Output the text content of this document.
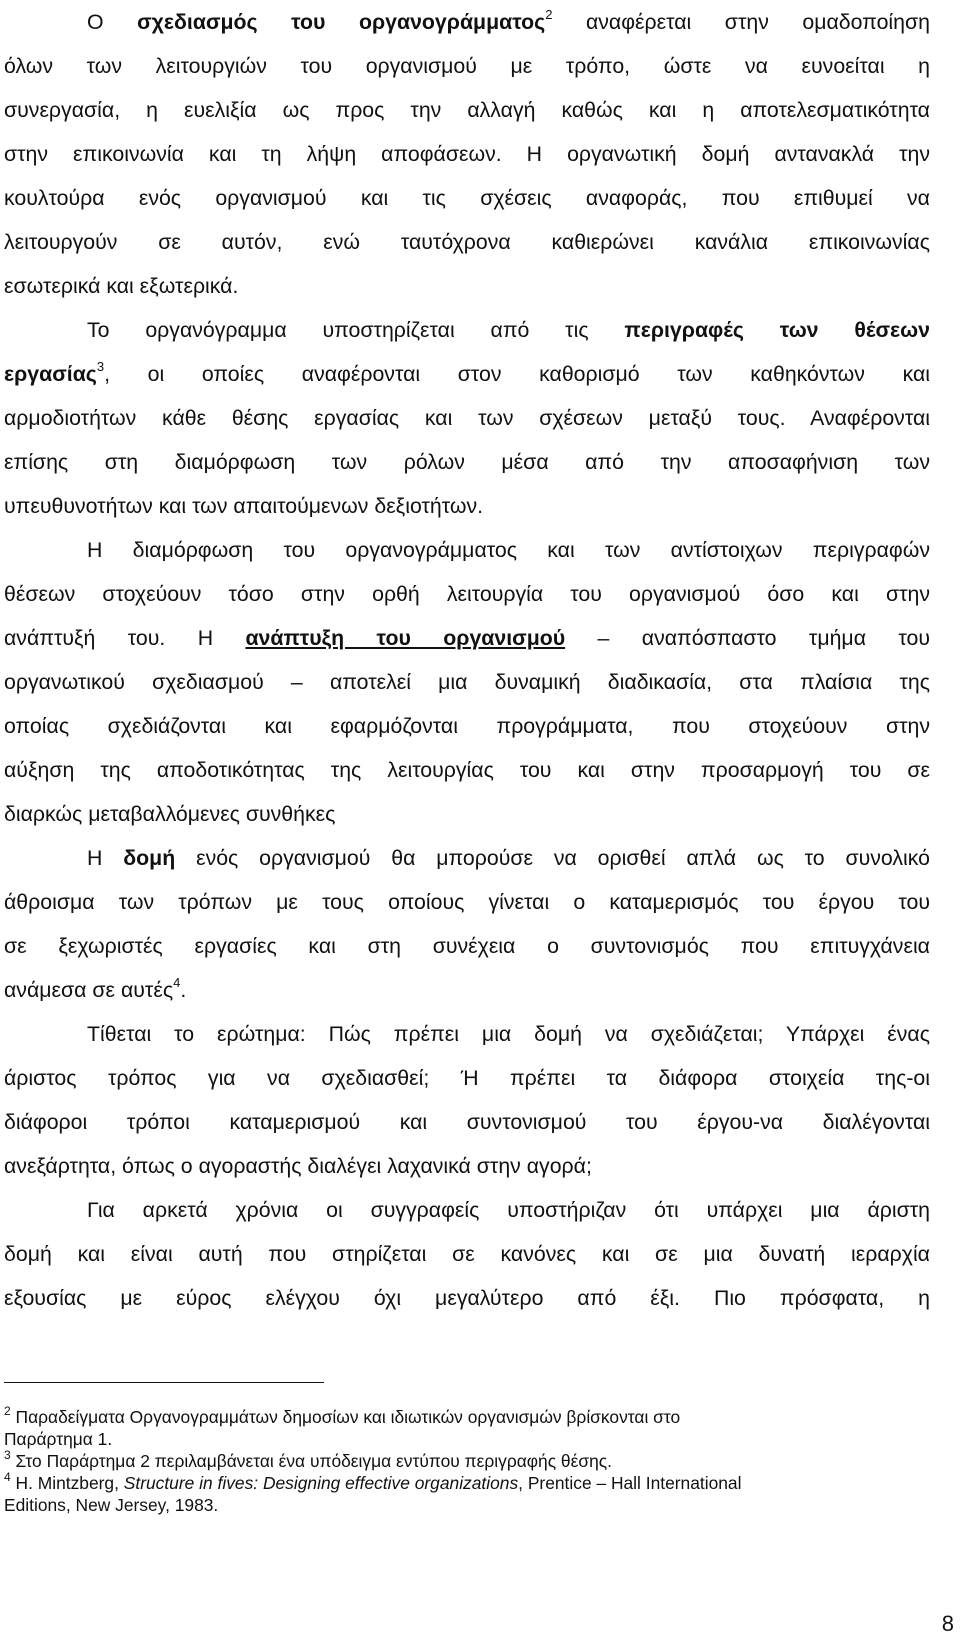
Ο σχεδιασμός του οργανογράμματος$^2$ αναφέρεται στην ομαδοποίηση
όλων των λειτουργιών του οργανισμού με τρόπο, ώστε να ευνοείται η
συνεργασία, η ευελιξία ως προς την αλλαγή καθώς και η αποτελεσματικότητα
στην επικοινωνία και τη λήψη αποφάσεων. Η οργανωτική δομή αντανακλά την
κουλτούρα ενός οργανισμού και τις σχέσεις αναφοράς, που επιθυμεί να
λειτουργούν σε αυτόν, ενώ ταυτόχρονα καθιερώνει κανάλια επικοινωνίας
εσωτερικά και εξωτερικά.
Το οργανόγραμμα υποστηρίζεται από τις περιγραφές των θέσεων
εργασίας$^3$, οι οποίες αναφέρονται στον καθορισμό των καθηκόντων και
αρμοδιοτήτων κάθε θέσης εργασίας και των σχέσεων μεταξύ τους. Αναφέρονται
επίσης στη διαμόρφωση των ρόλων μέσα από την αποσαφήνιση των
υπευθυνοτήτων και των απαιτούμενων δεξιοτήτων.
Η διαμόρφωση του οργανογράμματος και των αντίστοιχων περιγραφών
θέσεων στοχεύουν τόσο στην ορθή λειτουργία του οργανισμού όσο και στην
ανάπτυξή του. Η ανάπτυξη του οργανισμού – αναπόσπαστο τμήμα του
οργανωτικού σχεδιασμού – αποτελεί μια δυναμική διαδικασία, στα πλαίσια της
οποίας σχεδιάζονται και εφαρμόζονται προγράμματα, που στοχεύουν στην
αύξηση της αποδοτικότητας της λειτουργίας του και στην προσαρμογή του σε
διαρκώς μεταβαλλόμενες συνθήκες
Η δομή ενός οργανισμού θα μπορούσε να ορισθεί απλά ως το συνολικό
άθροισμα των τρόπων με τους οποίους γίνεται ο καταμερισμός του έργου του
σε ξεχωριστές εργασίες και στη συνέχεια ο συντονισμός που επιτυγχάνεια
ανάμεσα σε αυτές$^4$.
Τίθεται το ερώτημα: Πώς πρέπει μια δομή να σχεδιάζεται; Υπάρχει ένας
άριστος τρόπος για να σχεδιασθεί; Ή πρέπει τα διάφορα στοιχεία της-οι
διάφοροι τρόποι καταμερισμού και συντονισμού του έργου-να διαλέγονται
ανεξάρτητα, όπως ο αγοραστής διαλέγει λαχανικά στην αγορά;
Για αρκετά χρόνια οι συγγραφείς υποστήριζαν ότι υπάρχει μια άριστη
δομή και είναι αυτή που στηρίζεται σε κανόνες και σε μια δυνατή ιεραρχία
εξουσίας με εύρος ελέγχου όχι μεγαλύτερο από έξι. Πιο πρόσφατα, η
$^2$ Παραδείγματα Οργανογραμμάτων δημοσίων και ιδιωτικών οργανισμών βρίσκονται στο
Παράρτημα 1.
$^3$ Στο Παράρτημα 2 περιλαμβάνεται ένα υπόδειγμα εντύπου περιγραφής θέσης.
$^4$ H. Mintzberg, Structure in fives: Designing effective organizations, Prentice – Hall International
Editions, New Jersey, 1983.
8
